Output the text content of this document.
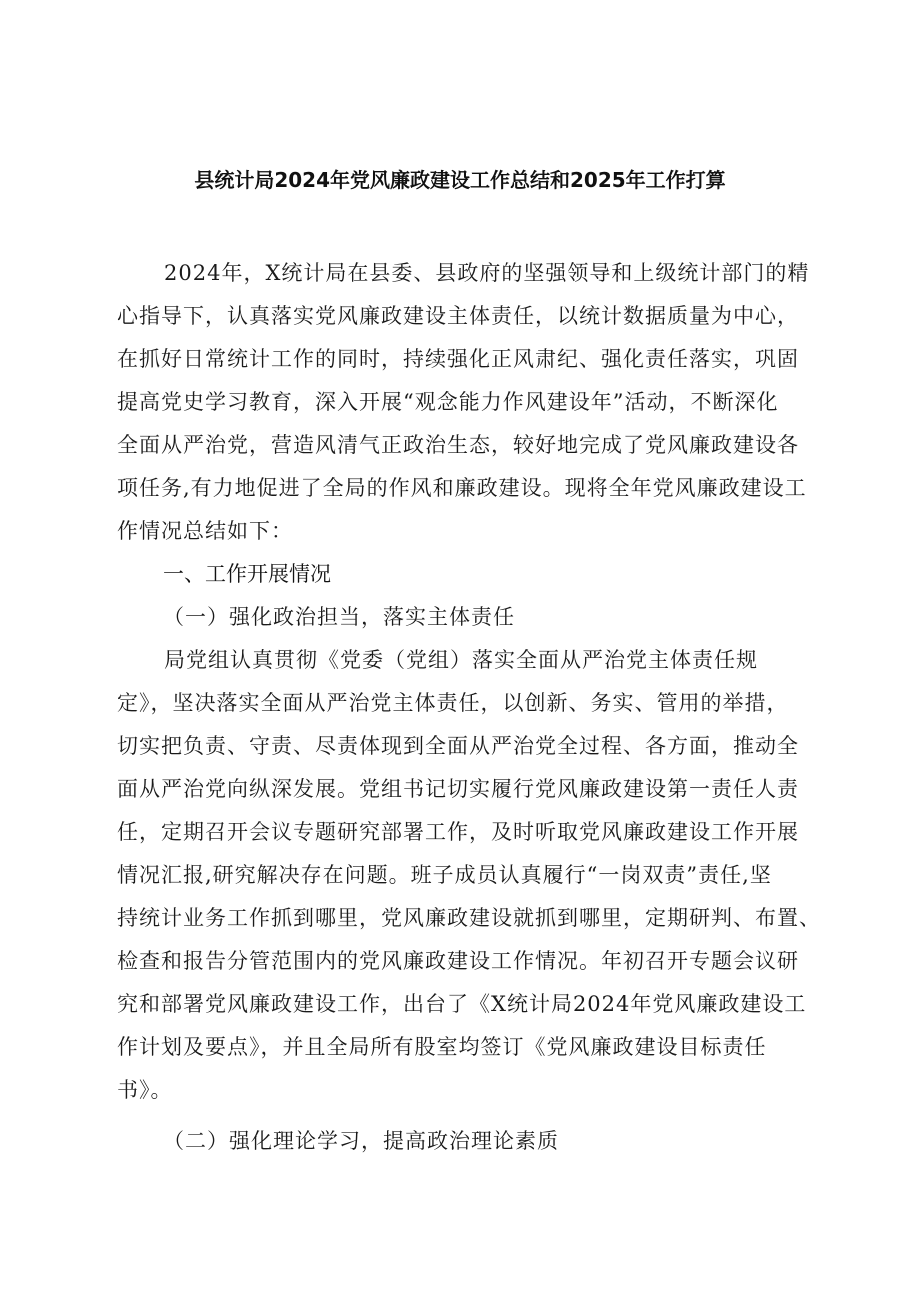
县统计局2024年党风廉政建设工作总结和2025年工作打算
2024年，X统计局在县委、县政府的坚强领导和上级统计部门的精
心指导下，认真落实党风廉政建设主体责任，以统计数据质量为中心，
在抓好日常统计工作的同时，持续强化正风肃纪、强化责任落实，巩固
提高党史学习教育，深入开展“观念能力作风建设年”活动，不断深化
全面从严治党，营造风清气正政治生态，较好地完成了党风廉政建设各
项任务,有力地促进了全局的作风和廉政建设。现将全年党风廉政建设工
作情况总结如下：
一、工作开展情况
（一）强化政治担当，落实主体责任
局党组认真贯彻《党委（党组）落实全面从严治党主体责任规
定》，坚决落实全面从严治党主体责任，以创新、务实、管用的举措，
切实把负责、守责、尽责体现到全面从严治党全过程、各方面，推动全
面从严治党向纵深发展。党组书记切实履行党风廉政建设第一责任人责
任，定期召开会议专题研究部署工作，及时听取党风廉政建设工作开展
情况汇报,研究解决存在问题。班子成员认真履行“一岗双责”责任,坚
持统计业务工作抓到哪里，党风廉政建设就抓到哪里，定期研判、布置、
检查和报告分管范围内的党风廉政建设工作情况。年初召开专题会议研
究和部署党风廉政建设工作，出台了《X统计局2024年党风廉政建设工
作计划及要点》，并且全局所有股室均签订《党风廉政建设目标责任
书》。
（二）强化理论学习，提高政治理论素质
